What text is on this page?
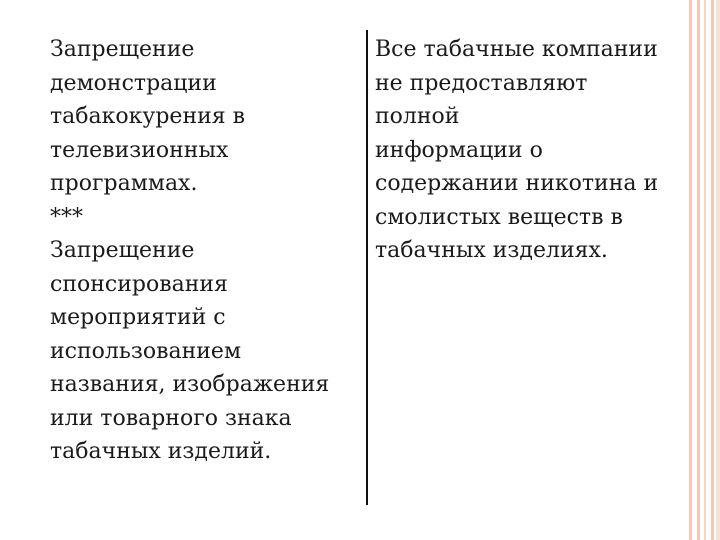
Запрещение
демонстрации
табакокурения в
телевизионных
программах.
***
Запрещение
спонсирования
мероприятий с
использованием
названия, изображения
или товарного знака
табачных изделий.

Все табачные компании
не предоставляют полной
информации о
содержании никотина и
смолистых веществ в
табачных изделиях.
